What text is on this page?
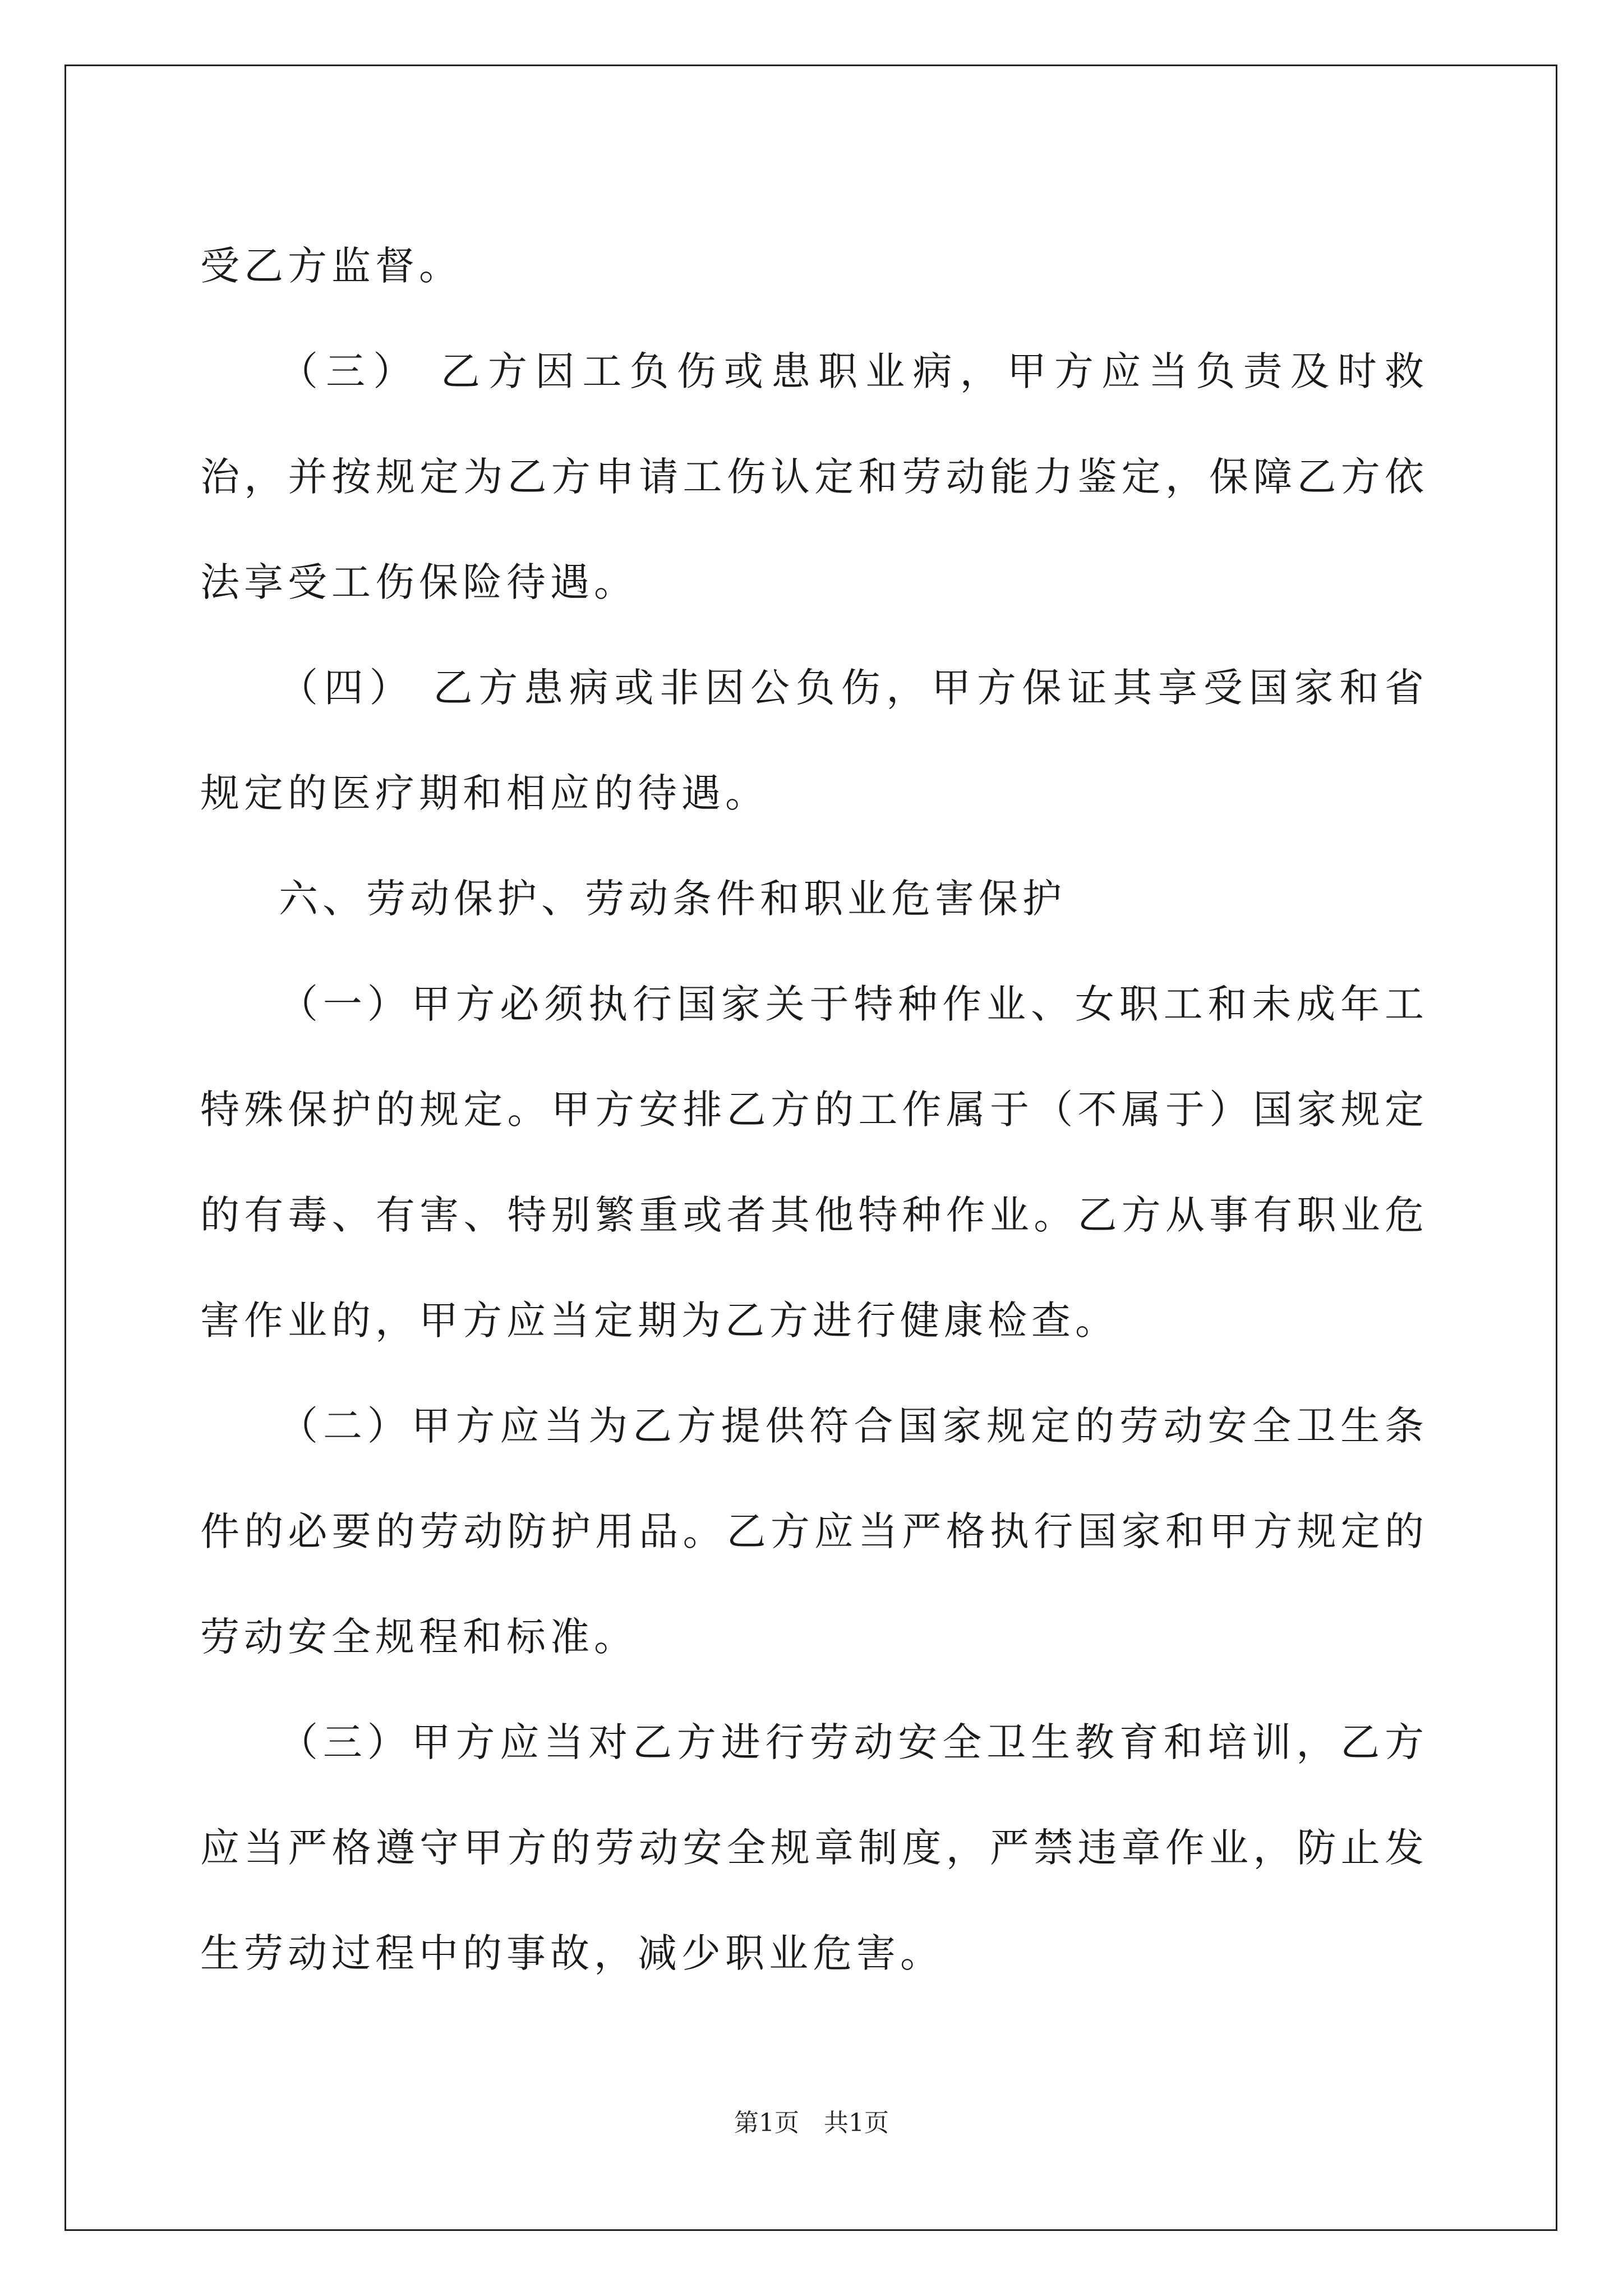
受乙方监督。

（三） 乙方因工负伤或患职业病，甲方应当负责及时救治，并按规定为乙方申请工伤认定和劳动能力鉴定，保障乙方依法享受工伤保险待遇。

（四） 乙方患病或非因公负伤，甲方保证其享受国家和省规定的医疗期和相应的待遇。

六、劳动保护、劳动条件和职业危害保护

（一）甲方必须执行国家关于特种作业、女职工和未成年工特殊保护的规定。甲方安排乙方的工作属于（不属于）国家规定的有毒、有害、特别繁重或者其他特种作业。乙方从事有职业危害作业的，甲方应当定期为乙方进行健康检查。

（二）甲方应当为乙方提供符合国家规定的劳动安全卫生条件的必要的劳动防护用品。乙方应当严格执行国家和甲方规定的劳动安全规程和标准。

（三）甲方应当对乙方进行劳动安全卫生教育和培训，乙方应当严格遵守甲方的劳动安全规章制度，严禁违章作业，防止发生劳动过程中的事故，减少职业危害。

第1页　共1页
